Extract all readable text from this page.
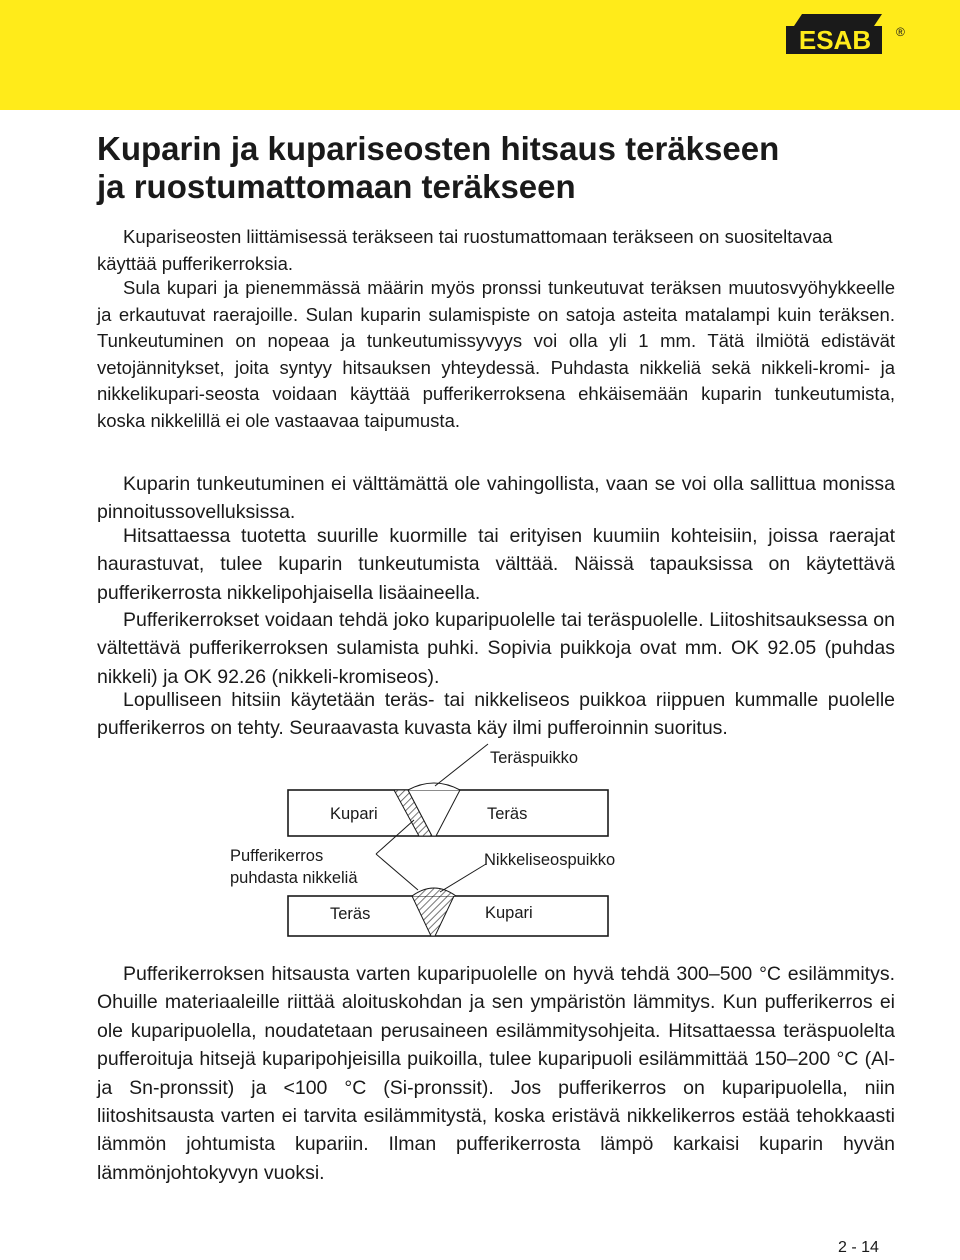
ESAB	®
Kuparin ja kupariseosten hitsaus teräkseen
ja ruostumattomaan teräkseen

Kupariseosten liittämisessä teräkseen tai ruostumattomaan teräkseen on suositeltavaa käyttää pufferikerroksia.

Sula kupari ja pienemmässä määrin myös pronssi tunkeutuvat teräksen muutosvyöhykkeelle ja erkautuvat raerajoille. Sulan kuparin sulamispiste on satoja asteita matalampi kuin teräksen. Tunkeutuminen on nopeaa ja tunkeutumissyvyys voi olla yli 1 mm. Tätä ilmiötä edistävät vetojännitykset, joita syntyy hitsauksen yhteydessä. Puhdasta nikkeliä sekä nikkeli-kromi- ja nikkelikupari-seosta voidaan käyttää pufferikerroksena ehkäisemään kuparin tunkeutumista, koska nikkelillä ei ole vastaavaa taipumusta.

Kuparin tunkeutuminen ei välttämättä ole vahingollista, vaan se voi olla sallittua monissa pinnoitussovelluksissa.

Hitsattaessa tuotetta suurille kuormille tai erityisen kuumiin kohteisiin, joissa raerajat haurastuvat, tulee kuparin tunkeutumista välttää. Näissä tapauksissa on käytettävä pufferikerrosta nikkelipohjaisella lisäaineella.

Pufferikerrokset voidaan tehdä joko kuparipuolelle tai teräspuolelle. Liitoshitsauksessa on vältettävä pufferikerroksen sulamista puhki. Sopivia puikkoja ovat mm. OK 92.05 (puhdas nikkeli) ja OK 92.26 (nikkeli-kromiseos).

Lopulliseen hitsiin käytetään teräs- tai nikkeliseos puikkoa riippuen kummalle puolelle pufferikerros on tehty. Seuraavasta kuvasta käy ilmi pufferoinnin suoritus.

Teräspuikko
Kupari	Teräs
Pufferikerros
puhdasta nikkeliä
Nikkeliseospuikko
Teräs	Kupari

Pufferikerroksen hitsausta varten kuparipuolelle on hyvä tehdä 300–500 °C esilämmitys. Ohuille materiaaleille riittää aloituskohdan ja sen ympäristön lämmitys. Kun pufferikerros ei ole kuparipuolella, noudatetaan perusaineen esilämmitysohjeita. Hitsattaessa teräspuolelta pufferoituja hitsejä kuparipohjeisilla puikoilla, tulee kuparipuoli esilämmittää 150–200 °C (Al- ja Sn-pronssit) ja <100 °C (Si-pronssit). Jos pufferikerros on kuparipuolella, niin liitoshitsausta varten ei tarvita esilämmitystä, koska eristävä nikkelikerros estää tehokkaasti lämmön johtumista kupariin. Ilman pufferikerrosta lämpö karkaisi kuparin hyvän lämmönjohtokyvyn vuoksi.

2 - 14
